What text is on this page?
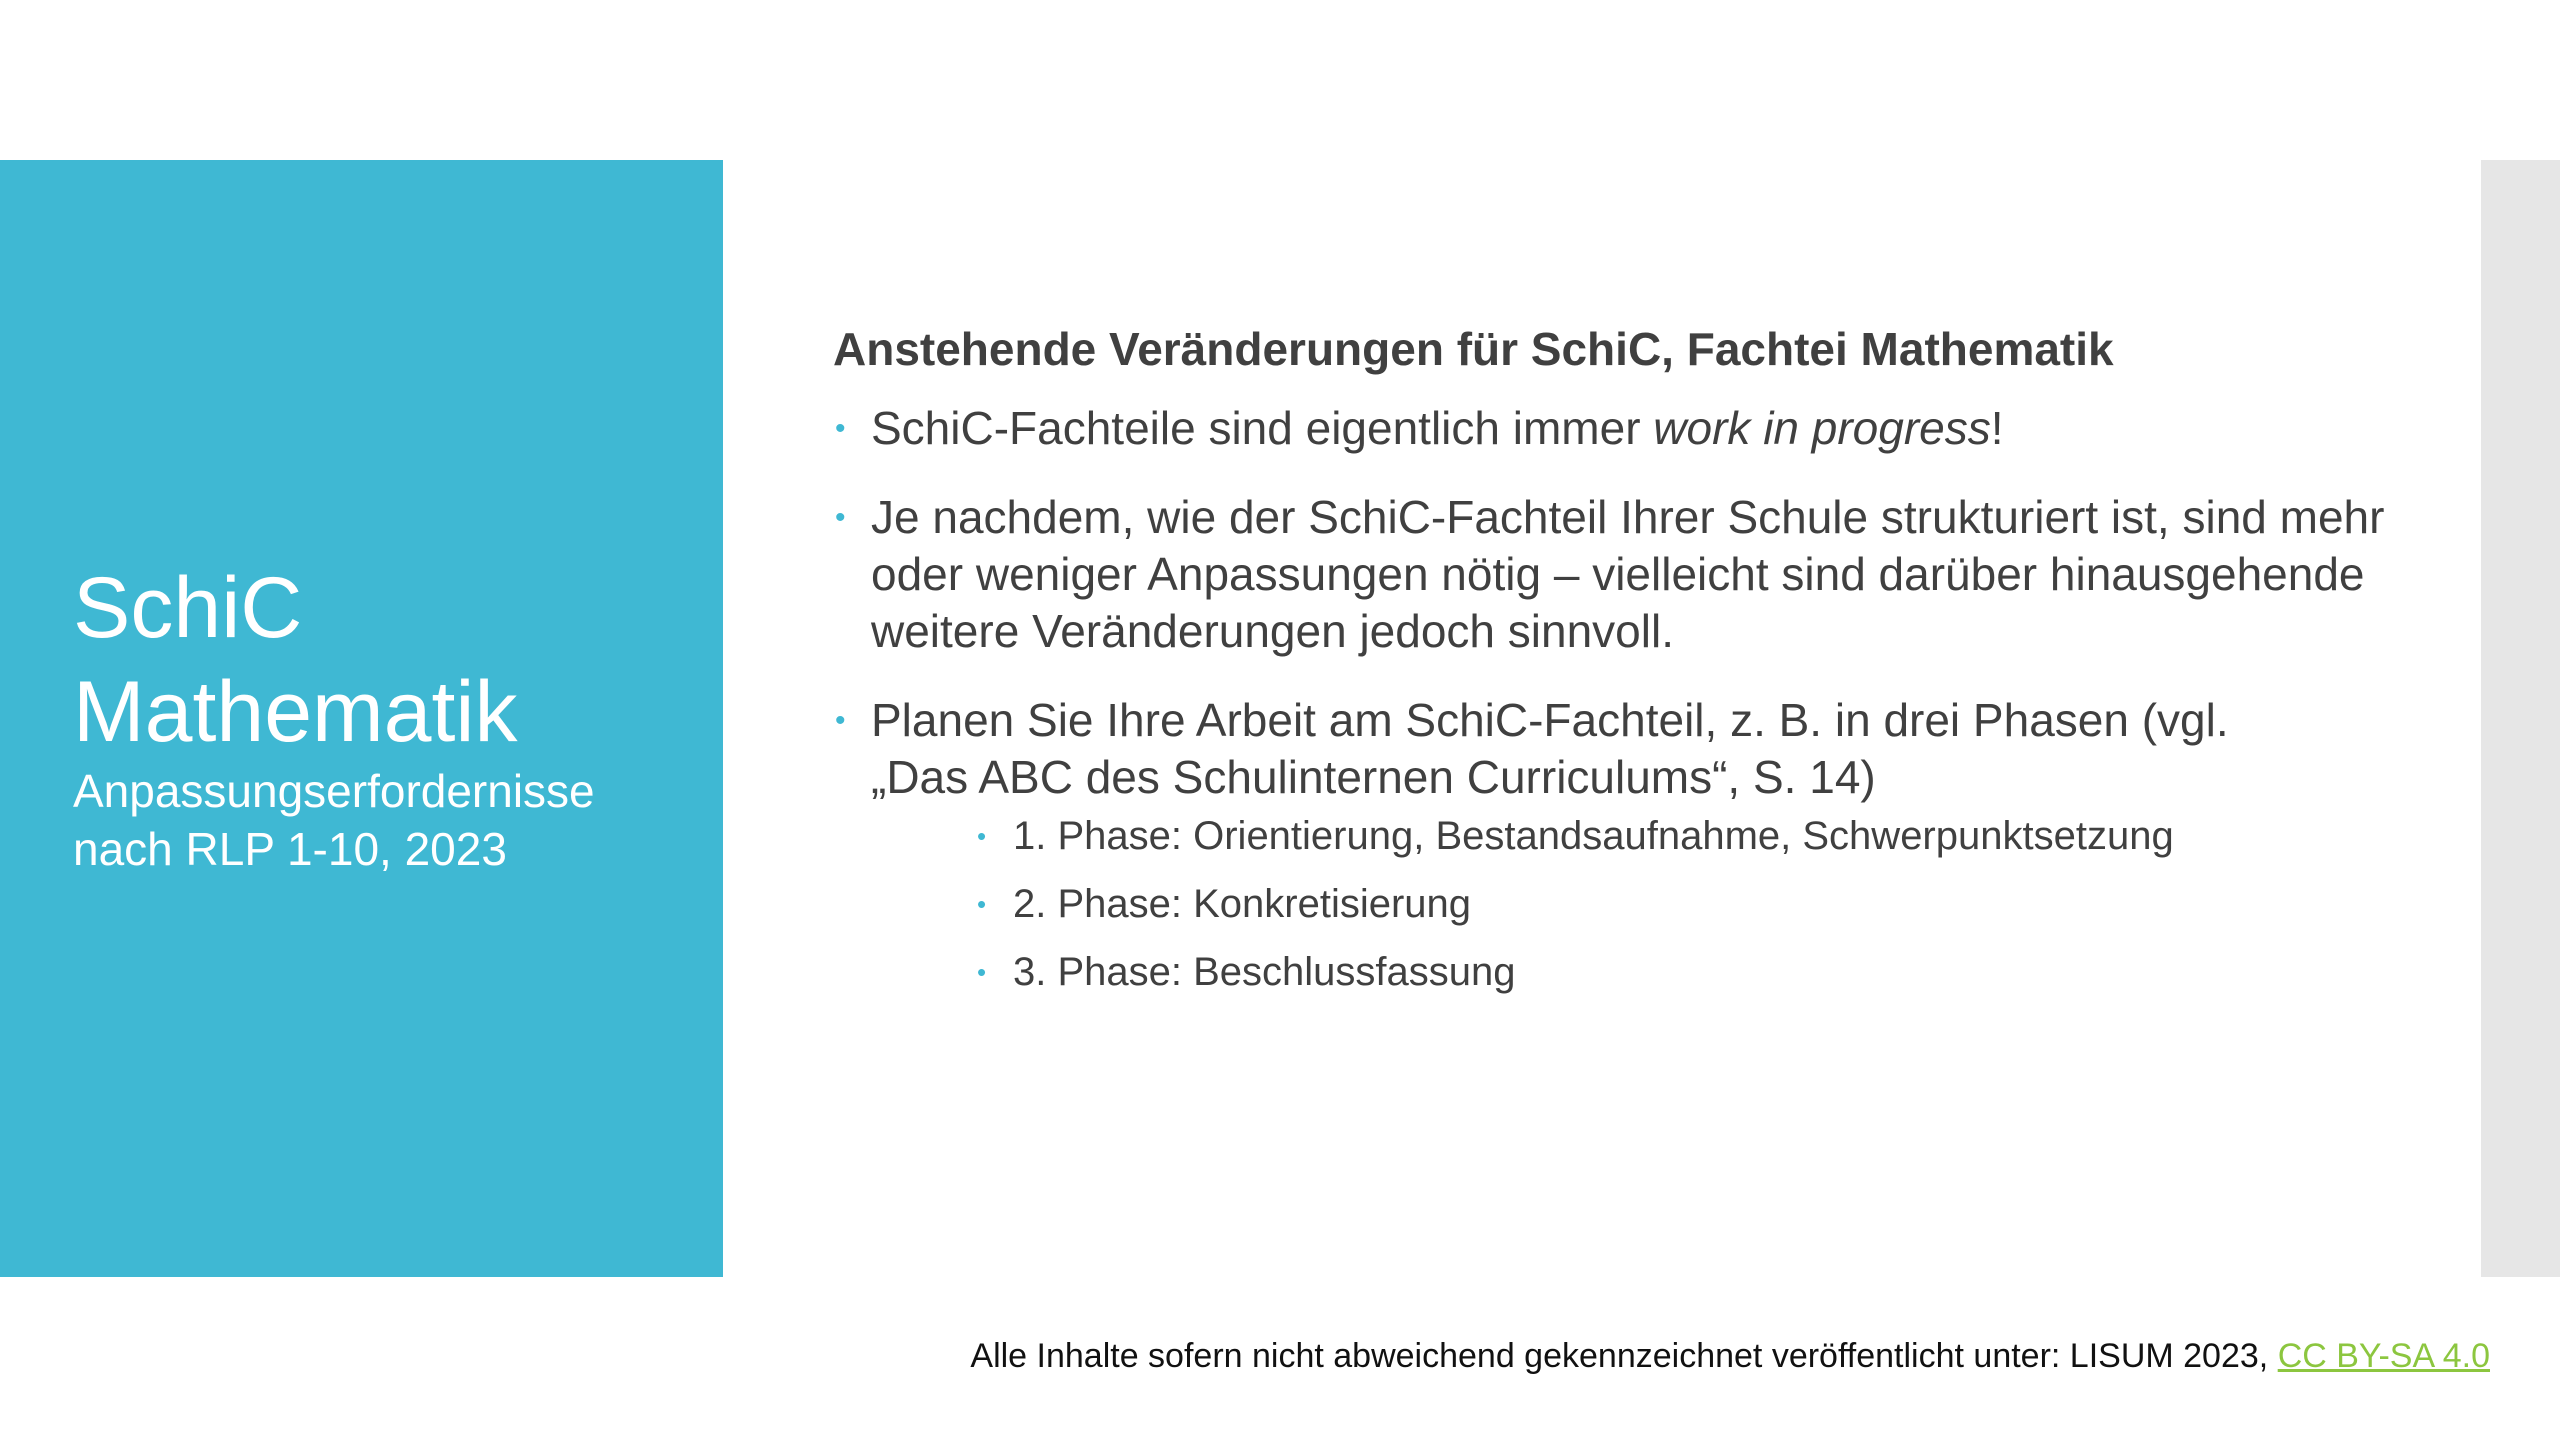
SchiC
Mathematik
Anpassungserfordernisse
nach RLP 1-10, 2023
Anstehende Veränderungen für SchiC, Fachtei Mathematik
• SchiC-Fachteile sind eigentlich immer work in progress!
• Je nachdem, wie der SchiC-Fachteil Ihrer Schule strukturiert ist, sind mehr oder weniger Anpassungen nötig – vielleicht sind darüber hinausgehende weitere Veränderungen jedoch sinnvoll.
• Planen Sie Ihre Arbeit am SchiC-Fachteil, z. B. in drei Phasen (vgl.
„Das ABC des Schulinternen Curriculums“, S. 14)
• 1. Phase: Orientierung, Bestandsaufnahme, Schwerpunktsetzung
• 2. Phase: Konkretisierung
• 3. Phase: Beschlussfassung
Alle Inhalte sofern nicht abweichend gekennzeichnet veröffentlicht unter: LISUM 2023, CC BY-SA 4.0
